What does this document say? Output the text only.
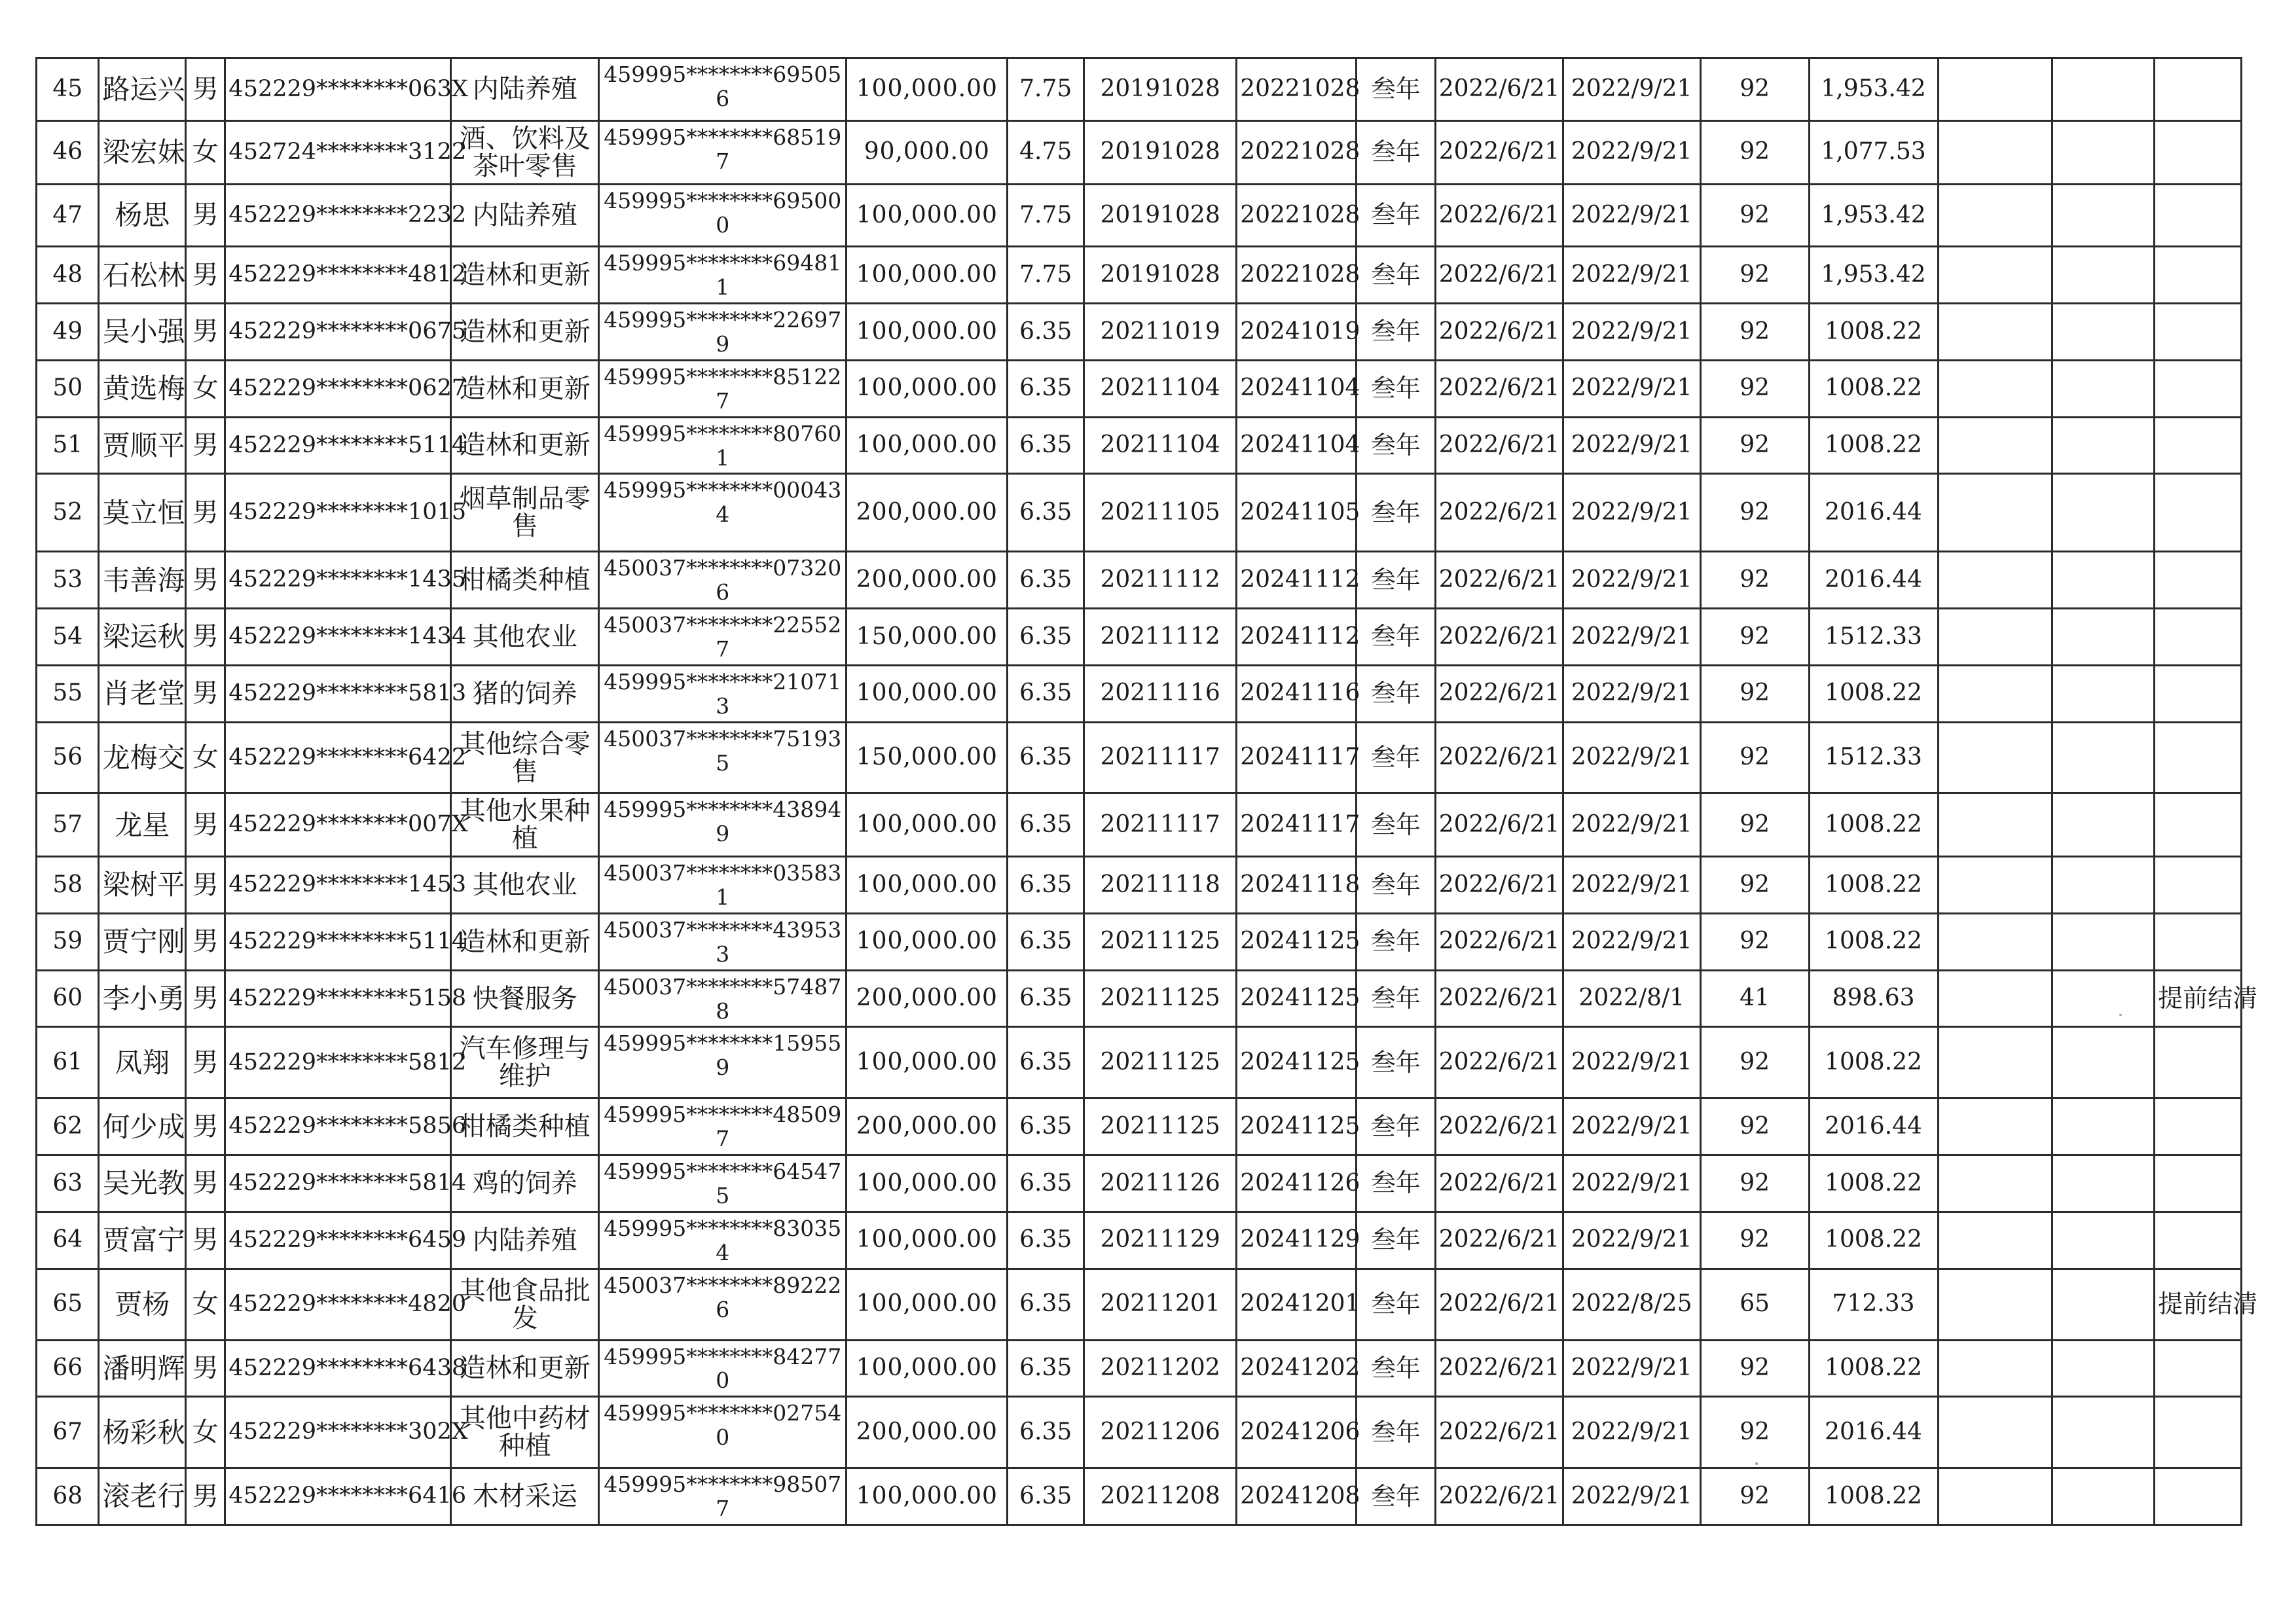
45	路运兴	男	452229********063X	内陆养殖	459995********695056	100,000.00	7.75	20191028	20221028	叁年	2022/6/21	2022/9/21	92	1,953.42			
46	梁宏妹	女	452724********3122	酒、饮料及茶叶零售	459995********685197	90,000.00	4.75	20191028	20221028	叁年	2022/6/21	2022/9/21	92	1,077.53			
47	杨思	男	452229********2232	内陆养殖	459995********695000	100,000.00	7.75	20191028	20221028	叁年	2022/6/21	2022/9/21	92	1,953.42			
48	石松林	男	452229********4812	造林和更新	459995********694811	100,000.00	7.75	20191028	20221028	叁年	2022/6/21	2022/9/21	92	1,953.42			
49	吴小强	男	452229********0675	造林和更新	459995********226979	100,000.00	6.35	20211019	20241019	叁年	2022/6/21	2022/9/21	92	1008.22			
50	黄选梅	女	452229********0627	造林和更新	459995********851227	100,000.00	6.35	20211104	20241104	叁年	2022/6/21	2022/9/21	92	1008.22			
51	贾顺平	男	452229********5114	造林和更新	459995********807601	100,000.00	6.35	20211104	20241104	叁年	2022/6/21	2022/9/21	92	1008.22			
52	莫立恒	男	452229********1015	烟草制品零售	459995********000434	200,000.00	6.35	20211105	20241105	叁年	2022/6/21	2022/9/21	92	2016.44			
53	韦善海	男	452229********1435	柑橘类种植	450037********073206	200,000.00	6.35	20211112	20241112	叁年	2022/6/21	2022/9/21	92	2016.44			
54	梁运秋	男	452229********1434	其他农业	450037********225527	150,000.00	6.35	20211112	20241112	叁年	2022/6/21	2022/9/21	92	1512.33			
55	肖老堂	男	452229********5813	猪的饲养	459995********210713	100,000.00	6.35	20211116	20241116	叁年	2022/6/21	2022/9/21	92	1008.22			
56	龙梅交	女	452229********6422	其他综合零售	450037********751935	150,000.00	6.35	20211117	20241117	叁年	2022/6/21	2022/9/21	92	1512.33			
57	龙星	男	452229********007X	其他水果种植	459995********438949	100,000.00	6.35	20211117	20241117	叁年	2022/6/21	2022/9/21	92	1008.22			
58	梁树平	男	452229********1453	其他农业	450037********035831	100,000.00	6.35	20211118	20241118	叁年	2022/6/21	2022/9/21	92	1008.22			
59	贾宁刚	男	452229********5114	造林和更新	450037********439533	100,000.00	6.35	20211125	20241125	叁年	2022/6/21	2022/9/21	92	1008.22			
60	李小勇	男	452229********5158	快餐服务	450037********574878	200,000.00	6.35	20211125	20241125	叁年	2022/6/21	2022/8/1	41	898.63			提前结清
61	凤翔	男	452229********5812	汽车修理与维护	459995********159559	100,000.00	6.35	20211125	20241125	叁年	2022/6/21	2022/9/21	92	1008.22			
62	何少成	男	452229********5856	柑橘类种植	459995********485097	200,000.00	6.35	20211125	20241125	叁年	2022/6/21	2022/9/21	92	2016.44			
63	吴光教	男	452229********5814	鸡的饲养	459995********645475	100,000.00	6.35	20211126	20241126	叁年	2022/6/21	2022/9/21	92	1008.22			
64	贾富宁	男	452229********6459	内陆养殖	459995********830354	100,000.00	6.35	20211129	20241129	叁年	2022/6/21	2022/9/21	92	1008.22			
65	贾杨	女	452229********4820	其他食品批发	450037********892226	100,000.00	6.35	20211201	20241201	叁年	2022/6/21	2022/8/25	65	712.33			提前结清
66	潘明辉	男	452229********6438	造林和更新	459995********842770	100,000.00	6.35	20211202	20241202	叁年	2022/6/21	2022/9/21	92	1008.22			
67	杨彩秋	女	452229********302X	其他中药材种植	459995********027540	200,000.00	6.35	20211206	20241206	叁年	2022/6/21	2022/9/21	92	2016.44			
68	滚老行	男	452229********6416	木材采运	459995********985077	100,000.00	6.35	20211208	20241208	叁年	2022/6/21	2022/9/21	92	1008.22			
